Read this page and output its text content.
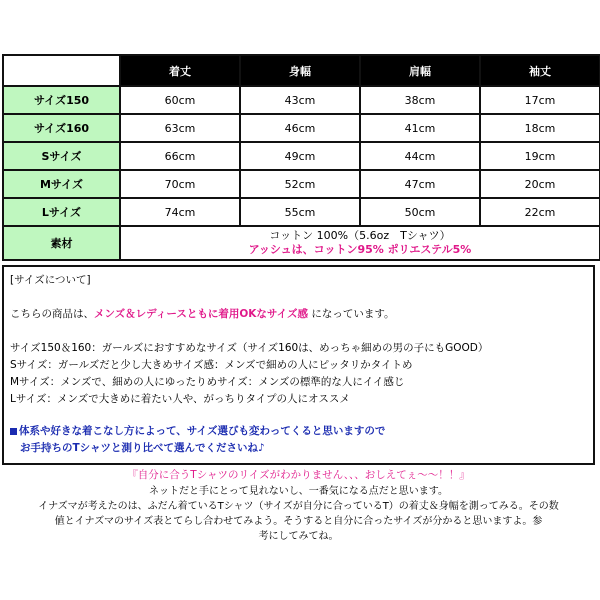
	着丈	身幅	肩幅	袖丈
サイズ150	60cm	43cm	38cm	17cm
サイズ160	63cm	46cm	41cm	18cm
Sサイズ	66cm	49cm	44cm	19cm
Mサイズ	70cm	52cm	47cm	20cm
Lサイズ	74cm	55cm	50cm	22cm
素材	コットン 100%（5.6oz　Tシャツ）
アッシュは、コットン95% ポリエステル5%			
[サイズについて]
こちらの商品は、メンズ＆レディースともに着用OKなサイズ感 になっています。
サイズ150＆160：ガールズにおすすめなサイズ（サイズ160は、めっちゃ細めの男の子にもGOOD）
Sサイズ：ガールズだと少し大きめサイズ感：メンズで細めの人にピッタリかタイトめ
Mサイズ：メンズで、細めの人にゆったりめサイズ：メンズの標準的な人にイイ感じ
Lサイズ：メンズで大きめに着たい人や、がっちりタイプの人にオススメ
体系や好きな着こなし方によって、サイズ選びも変わってくると思いますので
お手持ちのTシャツと測り比べて選んでくださいね♪
『自分に合うTシャツのリイズがわかりません、、、おしえてぇ〜〜！！』
ネットだと手にとって見れないし、一番気になる点だと思います。
イナズマが考えたのは、ふだん着ているTシャツ（サイズが自分に合っているT）の着丈＆身幅を測ってみる。その数
値とイナズマのサイズ表とてらし合わせてみよう。そうすると自分に合ったサイズが分かると思いますよ。参
考にしてみてね。
